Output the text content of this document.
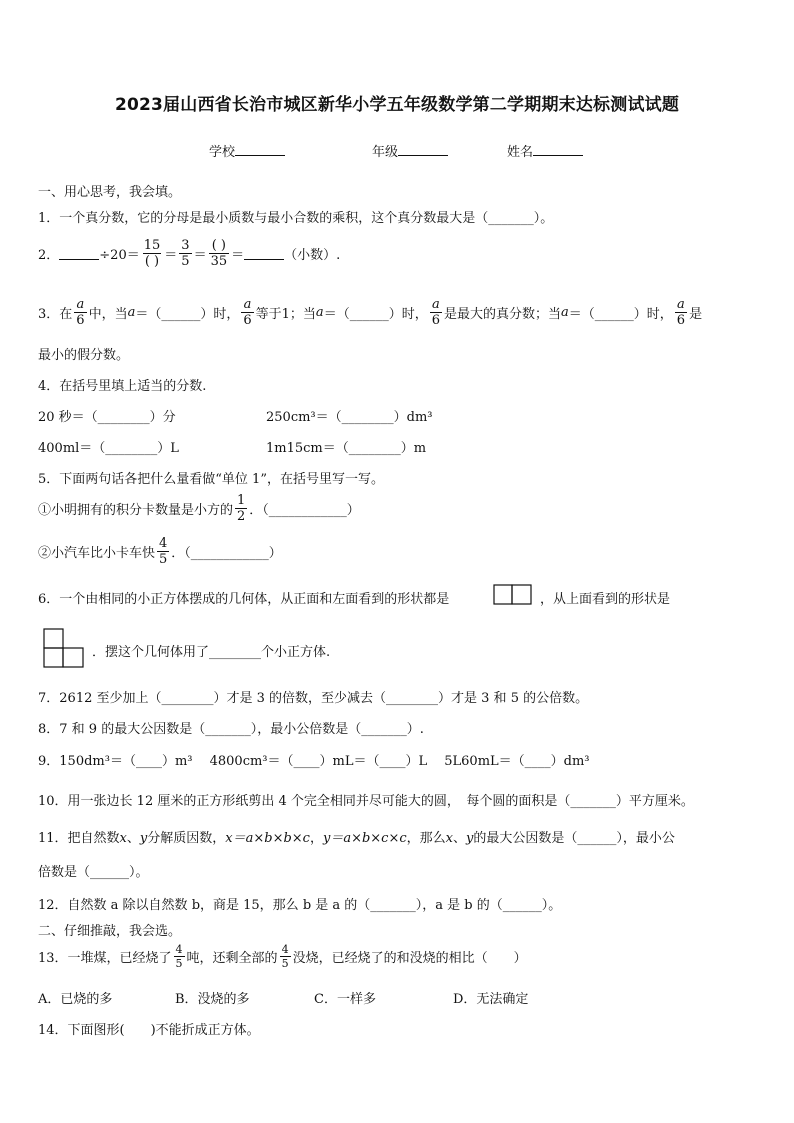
2023届山西省长治市城区新华小学五年级数学第二学期期末达标测试试题
学校	年级	姓名
一、用心思考，我会填。
1．一个真分数，它的分母是最小质数与最小合数的乘积，这个真分数最大是（_______）。
2．	$\div 20= \frac{15}{( )} = \frac{3}{5} = \frac{( )}{35}$ ＝	（小数）.
3．在 $\frac{a}{6}$ 中，当 a ＝（______）时， $\frac{a}{6}$ 等于1；当 a ＝（______）时， $\frac{a}{6}$ 是最大的真分数；当 a ＝（______）时， $\frac{a}{6}$ 是
最小的假分数。
4．在括号里填上适当的分数.
20 秒＝（________）分	250cm³＝（________）dm³
400ml＝（________）L	1m15cm＝（________）m
5．下面两句话各把什么量看做“单位 1”，在括号里写一写。
①小明拥有的积分卡数量是小方的 $\frac{1}{2}$ ．（____________）
②小汽车比小卡车快 $\frac{4}{5}$ ．（____________）
6．一个由相同的小正方体摆成的几何体，从正面和左面看到的形状都是	，从上面看到的形状是
．摆这个几何体用了________个小正方体.
7．2612 至少加上（________）才是 3 的倍数，至少减去（________）才是 3 和 5 的公倍数。
8．7 和 9 的最大公因数是（_______），最小公倍数是（_______）.
9．150dm³＝（____）m³　 4800cm³＝（____）mL＝（____）L　 5L60mL＝（____）dm³
10．用一张边长 12 厘米的正方形纸剪出 4 个完全相同并尽可能大的圆，　每个圆的面积是（_______）平方厘米。
11．把自然数x、y分解质因数，x＝a×b×b×c，y＝a×b×c×c，那么x、y的最大公因数是（______），最小公
倍数是（______）。
12．自然数 a 除以自然数 b，商是 15，那么 b 是 a 的（_______），a 是 b 的（______）。
二、仔细推敲，我会选。
13．一堆煤，已经烧了 $\frac{4}{5}$ 吨，还剩全部的 $\frac{4}{5}$ 没烧，已经烧了的和没烧的相比（　　）
A．已烧的多	B．没烧的多	C．一样多	D．无法确定
14．下面图形(　　)不能折成正方体。
